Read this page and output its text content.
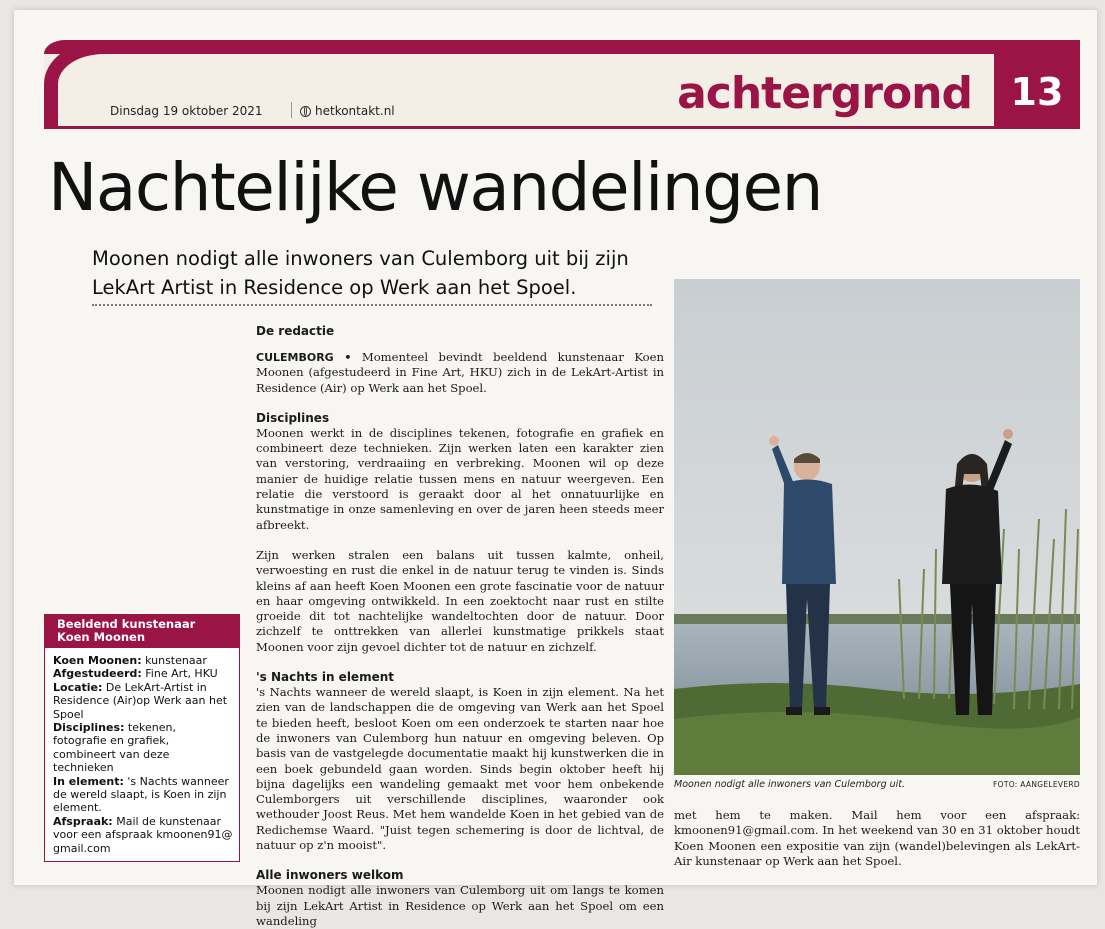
achtergrond	13
Dinsdag 19 oktober 2021	hetkontakt.nl
Nachtelijke wandelingen
Moonen nodigt alle inwoners van Culemborg uit bij zijn LekArt Artist in Residence op Werk aan het Spoel.
De redactie

CULEMBORG • Momenteel bevindt beeldend kunstenaar Koen Moonen (afgestudeerd in Fine Art, HKU) zich in de LekArt-Artist in Residence (Air) op Werk aan het Spoel.

Disciplines

Moonen werkt in de disciplines tekenen, fotografie en grafiek en combineert deze technieken. Zijn werken laten een karakter zien van verstoring, verdraaiing en verbreking. Moonen wil op deze manier de huidige relatie tussen mens en natuur weergeven. Een relatie die verstoord is geraakt door al het onnatuurlijke en kunstmatige in onze samenleving en over de jaren heen steeds meer afbreekt.

Zijn werken stralen een balans uit tussen kalmte, onheil, verwoesting en rust die enkel in de natuur terug te vinden is. Sinds kleins af aan heeft Koen Moonen een grote fascinatie voor de natuur en haar omgeving ontwikkeld. In een zoektocht naar rust en stilte groeide dit tot nachtelijke wandeltochten door de natuur. Door zichzelf te onttrekken van allerlei kunstmatige prikkels staat Moonen voor zijn gevoel dichter tot de natuur en zichzelf.

's Nachts in element

's Nachts wanneer de wereld slaapt, is Koen in zijn element. Na het zien van de landschappen die de omgeving van Werk aan het Spoel te bieden heeft, besloot Koen om een onderzoek te starten naar hoe de inwoners van Culemborg hun natuur en omgeving beleven. Op basis van de vastgelegde documentatie maakt hij kunstwerken die in een boek gebundeld gaan worden. Sinds begin oktober heeft hij bijna dagelijks een wandeling gemaakt met voor hem onbekende Culemborgers uit verschillende disciplines, waaronder ook wethouder Joost Reus. Met hem wandelde Koen in het gebied van de Redichemse Waard. "Juist tegen schemering is door de lichtval, de natuur op z'n mooist".

Alle inwoners welkom

Moonen nodigt alle inwoners van Culemborg uit om langs te komen bij zijn LekArt Artist in Residence op Werk aan het Spoel om een wandeling

Moonen nodigt alle inwoners van Culemborg uit.	FOTO: AANGELEVERD

met hem te maken. Mail hem voor een afspraak: kmoonen91@gmail.com. In het weekend van 30 en 31 oktober houdt Koen Moonen een expositie van zijn (wandel)belevingen als LekArt-Air kunstenaar op Werk aan het Spoel.

Beeldend kunstenaar Koen Moonen

Koen Moonen: kunstenaar

Afgestudeerd: Fine Art, HKU

Locatie: De LekArt-Artist in Residence (Air)op Werk aan het Spoel

Disciplines: tekenen, fotografie en grafiek, combineert van deze technieken

In element: 's Nachts wanneer de wereld slaapt, is Koen in zijn element.

Afspraak: Mail de kunstenaar voor een afspraak kmoonen91@ gmail.com
